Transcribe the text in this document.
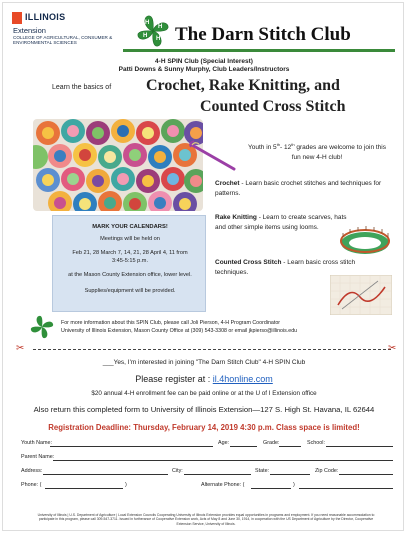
ILLINOIS
Extension
COLLEGE OF AGRICULTURAL, CONSUMER & ENVIRONMENTAL SCIENCES
H
H
H
H The Darn Stitch Club
4-H SPIN Club (Special Interest)
Patti Downs & Sunny Murphy, Club Leaders/Instructors
Learn the basics of Crochet, Rake Knitting, and
Counted Cross Stitch
Youth in 5th- 12th grades are welcome to join this fun new 4-H club!
Crochet - Learn basic crochet stitches and techniques for patterns.
Rake Knitting - Learn to create scarves, hats and other simple items using looms.
Counted Cross Stitch - Learn basic cross stitch techniques.
MARK YOUR CALENDARS!
Meetings will be held on
Feb 21, 28 March 7, 14, 21, 28 April 4, 11 from
3:45-5:15 p.m.
at the Mason County Extension office, lower level.
Supplies/equipment will be provided.
For more information about this SPIN Club, please call Joli Pierson, 4-H Program Coordinator
University of Illinois Extension, Mason County Office at (309) 543-3308 or email jkpierso@illinois.edu
✂	✂
___Yes, I'm interested in joining "The Darn Stitch Club" 4-H SPIN Club
Please register at : il.4honline.com
$20 annual 4-H enrollment fee can be paid online or at the U of I Extension office
Also return this completed form to University of Illinois Extension—127 S. High St. Havana, IL 62644
Registration Deadline: Thursday, February 14, 2019 4:30 p.m. Class space is limited!
Youth Name:	Age:	Grade:	School:
Parent Name:
Address:	City:	State:	Zip Code:
Phone: (	)	Alternate Phone: (	)
University of Illinois | U.S. Department of Agriculture | Local Extension Councils Cooperating University of Illinois Extension provides equal opportunities in programs and employment. If you need reasonable accommodation to participate in this program, please call 309-547-3711. Issued in furtherance of Cooperative Extension work, Acts of May 8 and June 30, 1914, in cooperation with the US Department of Agriculture by the Director, Cooperative Extension Service, University of Illinois.
